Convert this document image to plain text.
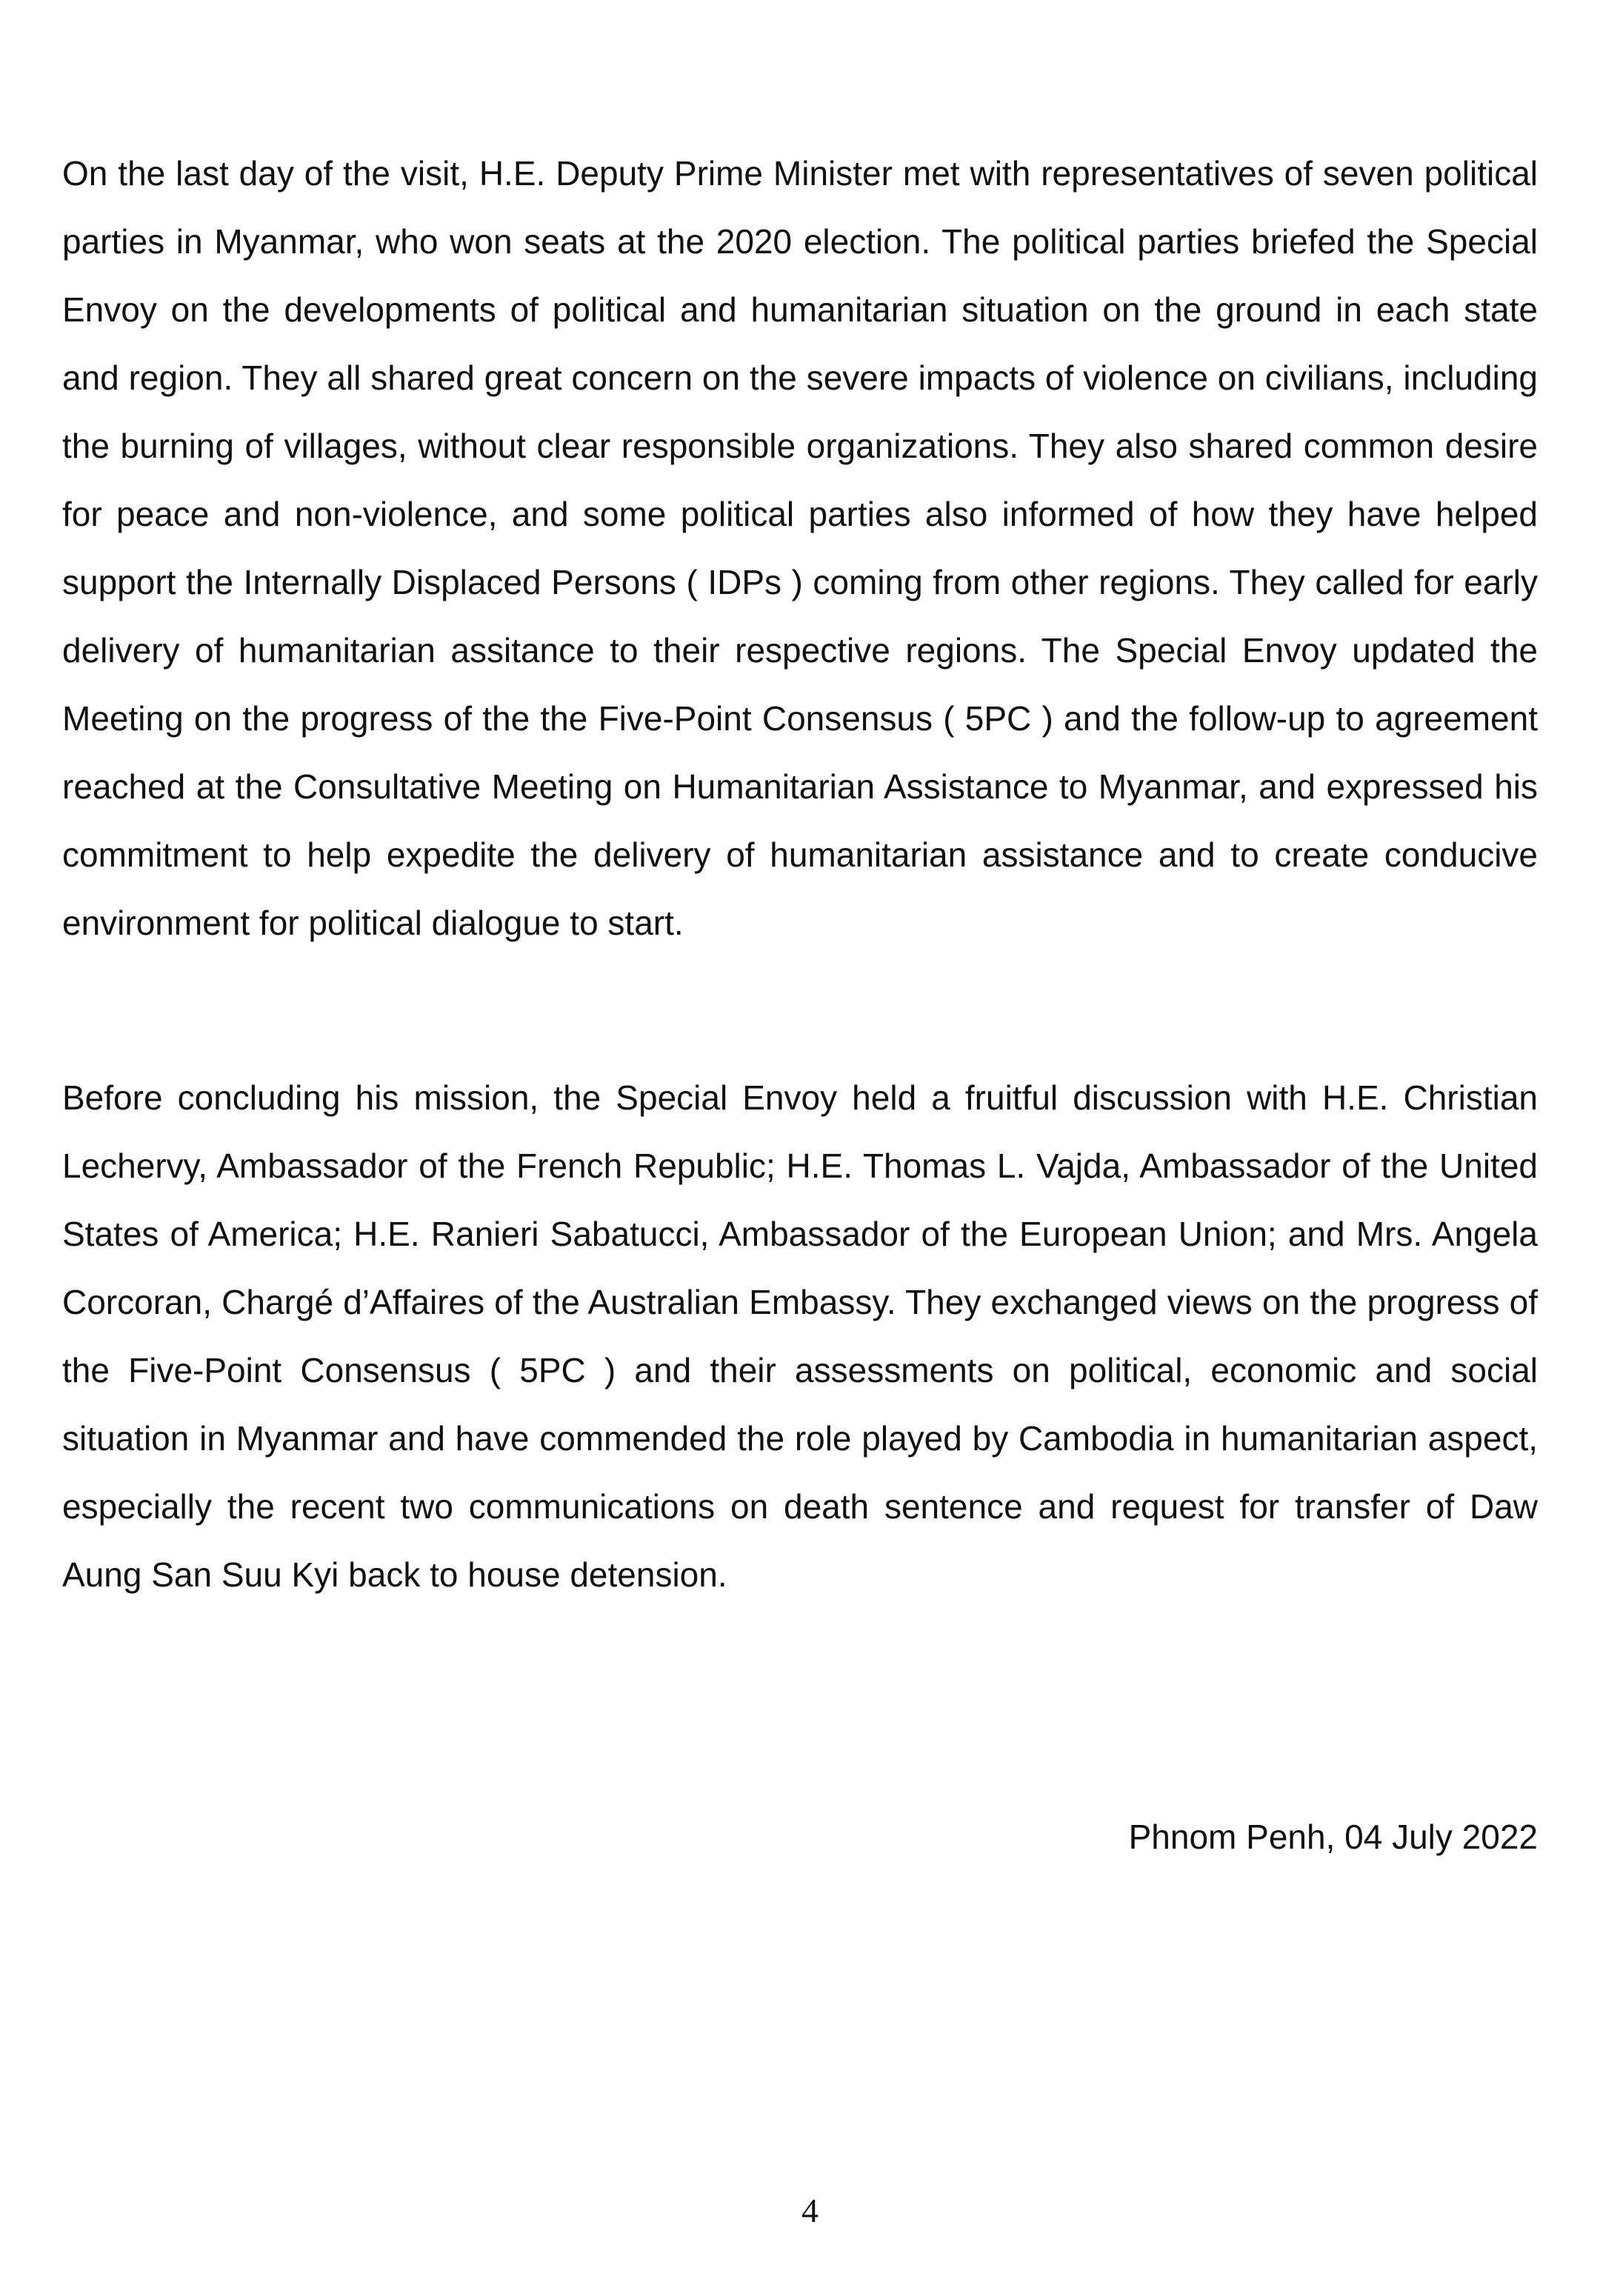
On the last day of the visit, H.E. Deputy Prime Minister met with representatives of seven political parties in Myanmar, who won seats at the 2020 election. The political parties briefed the Special Envoy on the developments of political and humanitarian situation on the ground in each state and region. They all shared great concern on the severe impacts of violence on civilians, including the burning of villages, without clear responsible organizations. They also shared common desire for peace and non-violence, and some political parties also informed of how they have helped support the Internally Displaced Persons ( IDPs ) coming from other regions. They called for early delivery of humanitarian assitance to their respective regions. The Special Envoy updated the Meeting on the progress of the the Five-Point Consensus ( 5PC ) and the follow-up to agreement reached at the Consultative Meeting on Humanitarian Assistance to Myanmar, and expressed his commitment to help expedite the delivery of humanitarian assistance and to create conducive environment for political dialogue to start.

Before concluding his mission, the Special Envoy held a fruitful discussion with H.E. Christian Lechervy, Ambassador of the French Republic; H.E. Thomas L. Vajda, Ambassador of the United States of America; H.E. Ranieri Sabatucci, Ambassador of the European Union; and Mrs. Angela Corcoran, Chargé d’Affaires of the Australian Embassy. They exchanged views on the progress of the Five-Point Consensus ( 5PC ) and their assessments on political, economic and social situation in Myanmar and have commended the role played by Cambodia in humanitarian aspect, especially the recent two communications on death sentence and request for transfer of Daw Aung San Suu Kyi back to house detension.

Phnom Penh, 04 July 2022

4
